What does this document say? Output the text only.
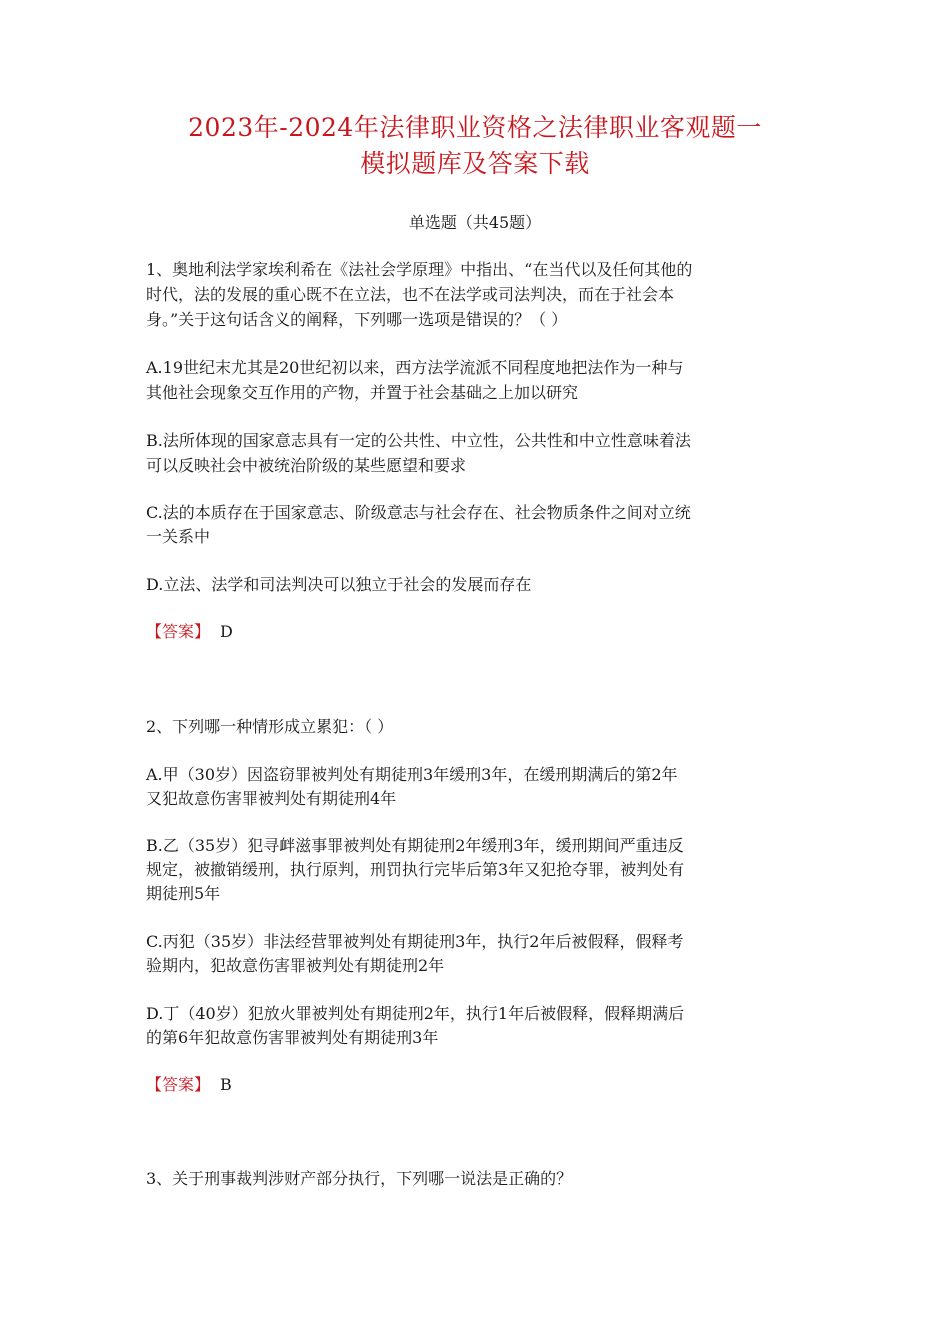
2023年-2024年法律职业资格之法律职业客观题一
模拟题库及答案下载
单选题（共45题）
1、奥地利法学家埃利希在《法社会学原理》中指出、“在当代以及任何其他的
时代，法的发展的重心既不在立法，也不在法学或司法判决，而在于社会本
身。”关于这句话含义的阐释，下列哪一选项是错误的？（ ）
A.19世纪末尤其是20世纪初以来，西方法学流派不同程度地把法作为一种与
其他社会现象交互作用的产物，并置于社会基础之上加以研究
B.法所体现的国家意志具有一定的公共性、中立性，公共性和中立性意味着法
可以反映社会中被统治阶级的某些愿望和要求
C.法的本质存在于国家意志、阶级意志与社会存在、社会物质条件之间对立统
一关系中
D.立法、法学和司法判决可以独立于社会的发展而存在
【答案】 D
2、下列哪一种情形成立累犯：（ ）
A.甲（30岁）因盗窃罪被判处有期徒刑3年缓刑3年，在缓刑期满后的第2年
又犯故意伤害罪被判处有期徒刑4年
B.乙（35岁）犯寻衅滋事罪被判处有期徒刑2年缓刑3年，缓刑期间严重违反
规定，被撤销缓刑，执行原判，刑罚执行完毕后第3年又犯抢夺罪，被判处有
期徒刑5年
C.丙犯（35岁）非法经营罪被判处有期徒刑3年，执行2年后被假释，假释考
验期内，犯故意伤害罪被判处有期徒刑2年
D.丁（40岁）犯放火罪被判处有期徒刑2年，执行1年后被假释，假释期满后
的第6年犯故意伤害罪被判处有期徒刑3年
【答案】 B
3、关于刑事裁判涉财产部分执行，下列哪一说法是正确的？
